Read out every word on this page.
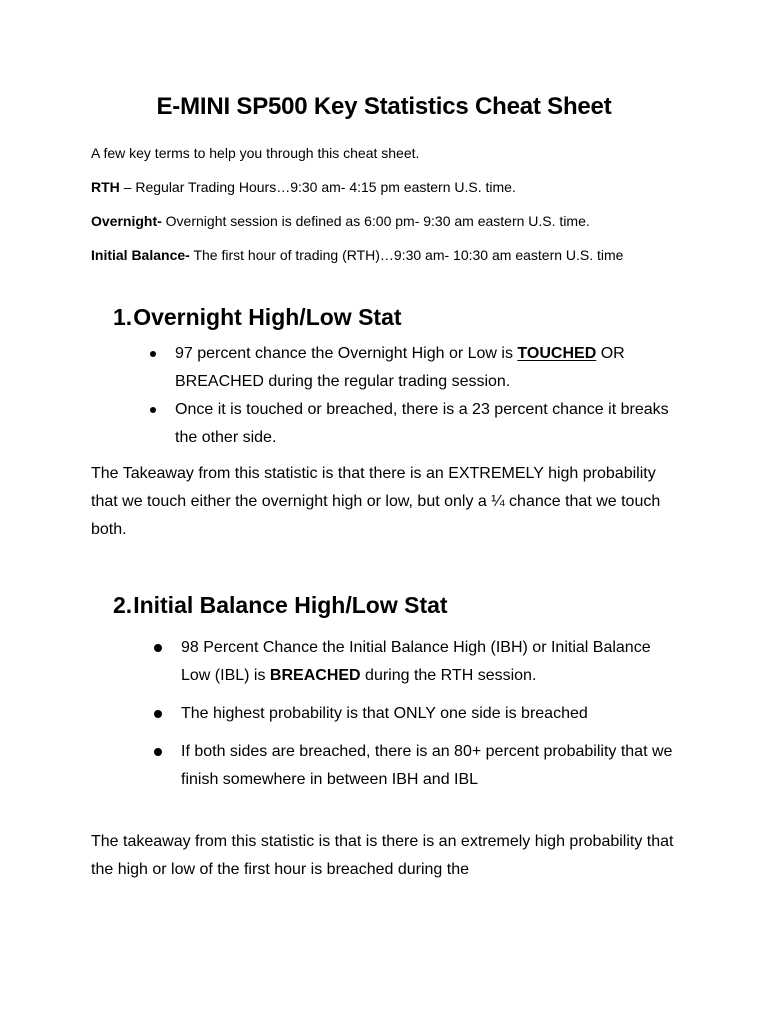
E-MINI SP500 Key Statistics Cheat Sheet
A few key terms to help you through this cheat sheet.
RTH – Regular Trading Hours…9:30 am- 4:15 pm eastern U.S. time.
Overnight- Overnight session is defined as 6:00 pm- 9:30 am eastern U.S. time.
Initial Balance- The first hour of trading (RTH)…9:30 am- 10:30 am eastern U.S. time
1.Overnight High/Low Stat
97 percent chance the Overnight High or Low is TOUCHED OR BREACHED during the regular trading session.
Once it is touched or breached, there is a 23 percent chance it breaks the other side.
The Takeaway from this statistic is that there is an EXTREMELY high probability that we touch either the overnight high or low, but only a ¼ chance that we touch both.
2.Initial Balance High/Low Stat
98 Percent Chance the Initial Balance High (IBH) or Initial Balance Low (IBL) is BREACHED during the RTH session.
The highest probability is that ONLY one side is breached
If both sides are breached, there is an 80+ percent probability that we finish somewhere in between IBH and IBL
The takeaway from this statistic is that is there is an extremely high probability that the high or low of the first hour is breached during the
